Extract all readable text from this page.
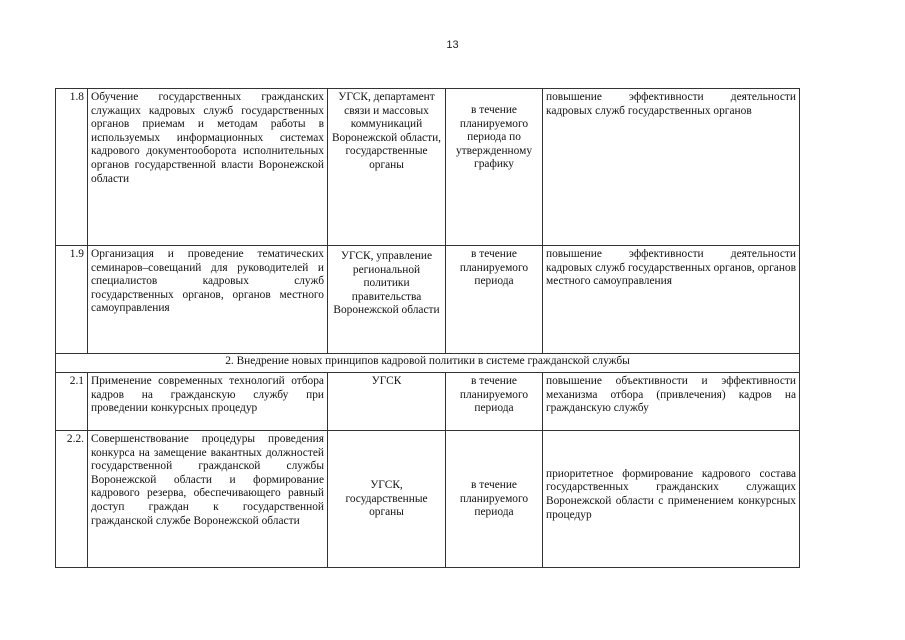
13
1.8	Обучение государственных гражданских служащих кадровых служб государственных органов приемам и методам работы в используемых информационных системах кадрового документооборота исполнительных органов государственной власти Воронежской области	УГСК, департамент связи и массовых коммуникаций Воронежской области, государственные органы	в течение планируемого периода по утвержденному графику	повышение эффективности деятельности кадровых служб государственных органов
1.9	Организация и проведение тематических семинаров–совещаний для руководителей и специалистов кадровых служб государственных органов, органов местного самоуправления	УГСК, управление региональной политики правительства Воронежской области	в течение планируемого периода	повышение эффективности деятельности кадровых служб государственных органов, органов местного самоуправления
2. Внедрение новых принципов кадровой политики в системе гражданской службы				
2.1	Применение современных технологий отбора кадров на гражданскую службу при проведении конкурсных процедур	УГСК	в течение планируемого периода	повышение объективности и эффективности механизма отбора (привлечения) кадров на гражданскую службу
2.2.	Совершенствование процедуры проведения конкурса на замещение вакантных должностей государственной гражданской службы Воронежской области и формирование кадрового резерва, обеспечивающего равный доступ граждан к государственной гражданской службе Воронежской области	УГСК, государственные органы	в течение планируемого периода	приоритетное формирование кадрового состава государственных гражданских служащих Воронежской области с применением конкурсных процедур
